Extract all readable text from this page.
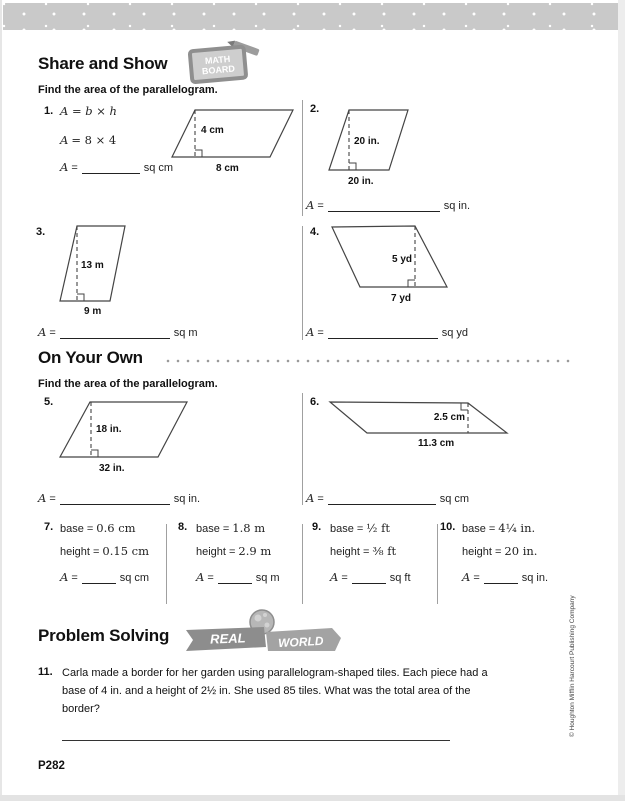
Share and Show	MATH
BOARD
Find the area of the parallelogram.
1. A = b × h
A = 8 × 4
A =	sq cm
4 cm
8 cm
2.
20 in.
20 in.
A =	sq in.
3.
13 m
9 m
A =	sq m
4.
5 yd
7 yd
A =	sq yd
On Your Own
Find the area of the parallelogram.
5.
18 in.
32 in.
A =	sq in.
6.
2.5 cm
11.3 cm
A =	sq cm
7. base = 0.6 cm
height = 0.15 cm
A =	sq cm
8. base = 1.8 m
height = 2.9 m
A =	sq m
9. base = ½ ft
height = ⅜ ft
A =	sq ft
10. base = 4¼ in.
height = 20 in.
A =	sq in.
Problem Solving	REAL	WORLD
11. Carla made a border for her garden using parallelogram-shaped tiles. Each piece had a base of 4 in. and a height of 2½ in. She used 85 tiles. What was the total area of the border?
P282
© Houghton Mifflin Harcourt Publishing Company
